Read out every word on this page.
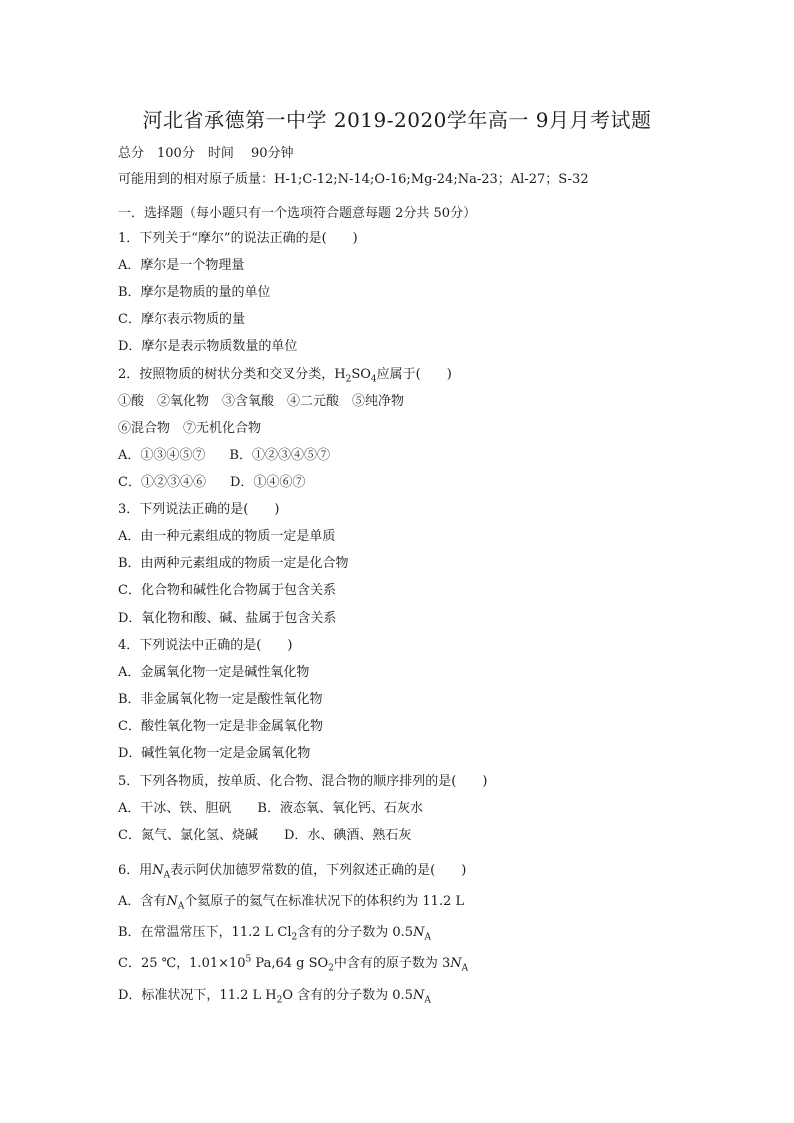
河北省承德第一中学 2019-2020学年高一 9月月考试题
总分　100分　时间　 90分钟
可能用到的相对原子质量：H-1;C-12;N-14;O-16;Mg-24;Na-23；Al-27；S-32
一．选择题（每小题只有一个选项符合题意每题 2分共 50分）
1．下列关于“摩尔”的说法正确的是(　　)
A．摩尔是一个物理量
B．摩尔是物质的量的单位
C．摩尔表示物质的量
D．摩尔是表示物质数量的单位
2．按照物质的树状分类和交叉分类，$H_2SO_4$应属于(　　)
①酸　②氧化物　③含氧酸　④二元酸　⑤纯净物
⑥混合物　⑦无机化合物
A．①③④⑤⑦ B．①②③④⑤⑦
C．①②③④⑥ D．①④⑥⑦
3．下列说法正确的是(　　)
A．由一种元素组成的物质一定是单质
B．由两种元素组成的物质一定是化合物
C．化合物和碱性化合物属于包含关系
D．氧化物和酸、碱、盐属于包含关系
4．下列说法中正确的是(　　)
A．金属氧化物一定是碱性氧化物
B．非金属氧化物一定是酸性氧化物
C．酸性氧化物一定是非金属氧化物
D．碱性氧化物一定是金属氧化物
5．下列各物质，按单质、化合物、混合物的顺序排列的是(　　)
A．干冰、铁、胆矾 B．液态氧、氧化钙、石灰水
C．氮气、氯化氢、烧碱 D．水、碘酒、熟石灰
6．用$N_A$表示阿伏加德罗常数的值，下列叙述正确的是(　　)
A．含有$N_A$个氦原子的氦气在标准状况下的体积约为 11.2 L
B．在常温常压下，11.2 L $Cl_2$含有的分子数为 $0.5N_A$
C．25 ℃，$1.01\times 10^5$ Pa,64 g $SO_2$中含有的原子数为 $3N_A$
D．标准状况下，11.2 L $H_2O$ 含有的分子数为 $0.5N_A$
